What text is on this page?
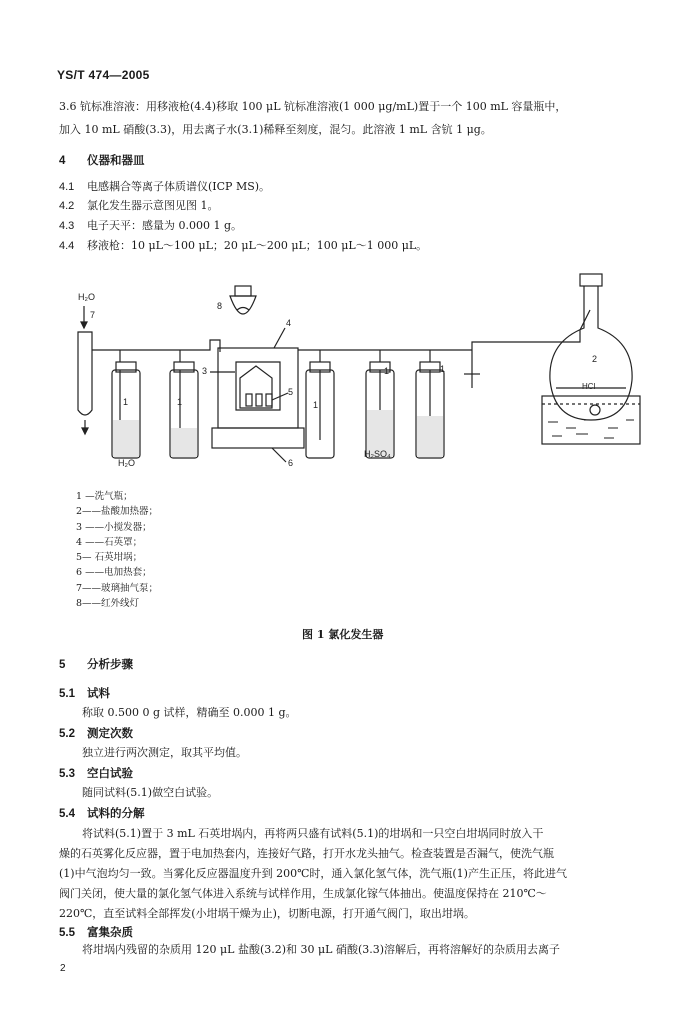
YS/T 474—2005
3.6 钪标准溶液：用移液枪(4.4)移取 100 μL 钪标准溶液(1 000 μg/mL)置于一个 100 mL 容量瓶中，
加入 10 mL 硝酸(3.3)，用去离子水(3.1)稀释至刻度，混匀。此溶液 1 mL 含钪 1 μg。
4 仪器和器皿
4.1 电感耦合等离子体质谱仪(ICP MS)。
4.2 氯化发生器示意图见图 1。
4.3 电子天平：感量为 0.000 1 g。
4.4 移液枪：10 μL～100 μL；20 μL～200 μL；100 μL～1 000 μL。
H₂O
7
1
H₂O
1
8
4
3
5
6
1
1
H₂SO₄
1
2
HCl
1 —洗气瓶；
2——盐酸加热器；
3 ——小搅发器；
4 ——石英罩；
5— 石英坩埚；
6 ——电加热套；
7——玻璃抽气泵；
8——红外线灯
图 1 氯化发生器
5 分析步骤
5.1 试料
称取 0.500 0 g 试样，精确至 0.000 1 g。
5.2 测定次数
独立进行两次测定，取其平均值。
5.3 空白试验
随同试料(5.1)做空白试验。
5.4 试料的分解
将试料(5.1)置于 3 mL 石英坩埚内，再将两只盛有试料(5.1)的坩埚和一只空白坩埚同时放入干
燥的石英雾化反应器，置于电加热套内，连接好气路，打开水龙头抽气。检查装置是否漏气，使洗气瓶
(1)中气泡均匀一致。当雾化反应器温度升到 200℃时，通入氯化氢气体，洗气瓶(1)产生正压，将此进气
阀门关闭，使大量的氯化氢气体进入系统与试样作用，生成氯化镓气体抽出。使温度保持在 210℃～
220℃，直至试料全部挥发(小坩埚干燥为止)，切断电源，打开通气阀门，取出坩埚。
5.5 富集杂质
将坩埚内残留的杂质用 120 μL 盐酸(3.2)和 30 μL 硝酸(3.3)溶解后，再将溶解好的杂质用去离子
2
